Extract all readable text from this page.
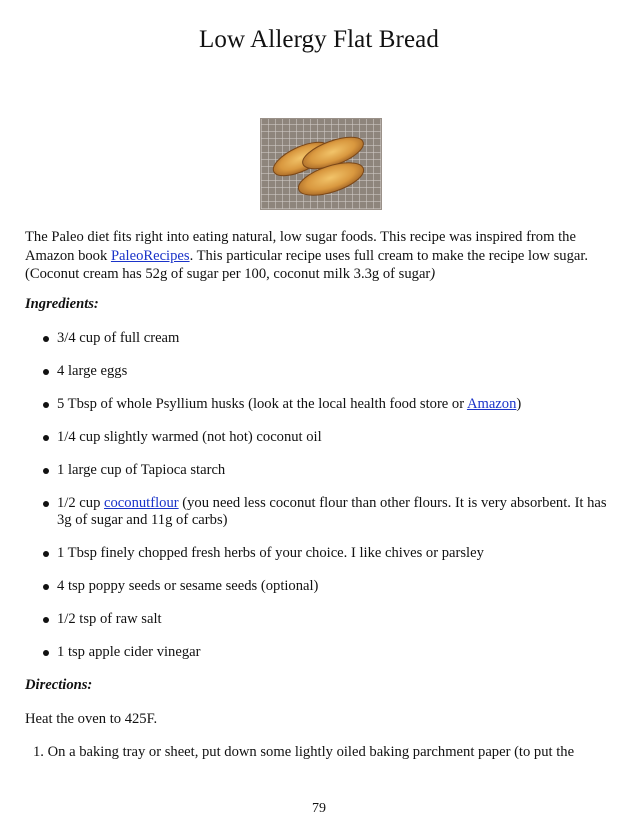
Low Allergy Flat Bread

The Paleo diet fits right into eating natural, low sugar foods. This recipe was inspired from the Amazon book PaleoRecipes. This particular recipe uses full cream to make the recipe low sugar. (Coconut cream has 52g of sugar per 100, coconut milk 3.3g of sugar)

Ingredients:

3/4 cup of full cream
4 large eggs
5 Tbsp of whole Psyllium husks (look at the local health food store or Amazon)
1/4 cup slightly warmed (not hot) coconut oil
1 large cup of Tapioca starch
1/2 cup coconutflour (you need less coconut flour than other flours. It is very absorbent. It has 3g of sugar and 11g of carbs)
1 Tbsp finely chopped fresh herbs of your choice. I like chives or parsley
4 tsp poppy seeds or sesame seeds (optional)
1/2 tsp of raw salt
1 tsp apple cider vinegar

Directions:

Heat the oven to 425F.

1. On a baking tray or sheet, put down some lightly oiled baking parchment paper (to put the

79
